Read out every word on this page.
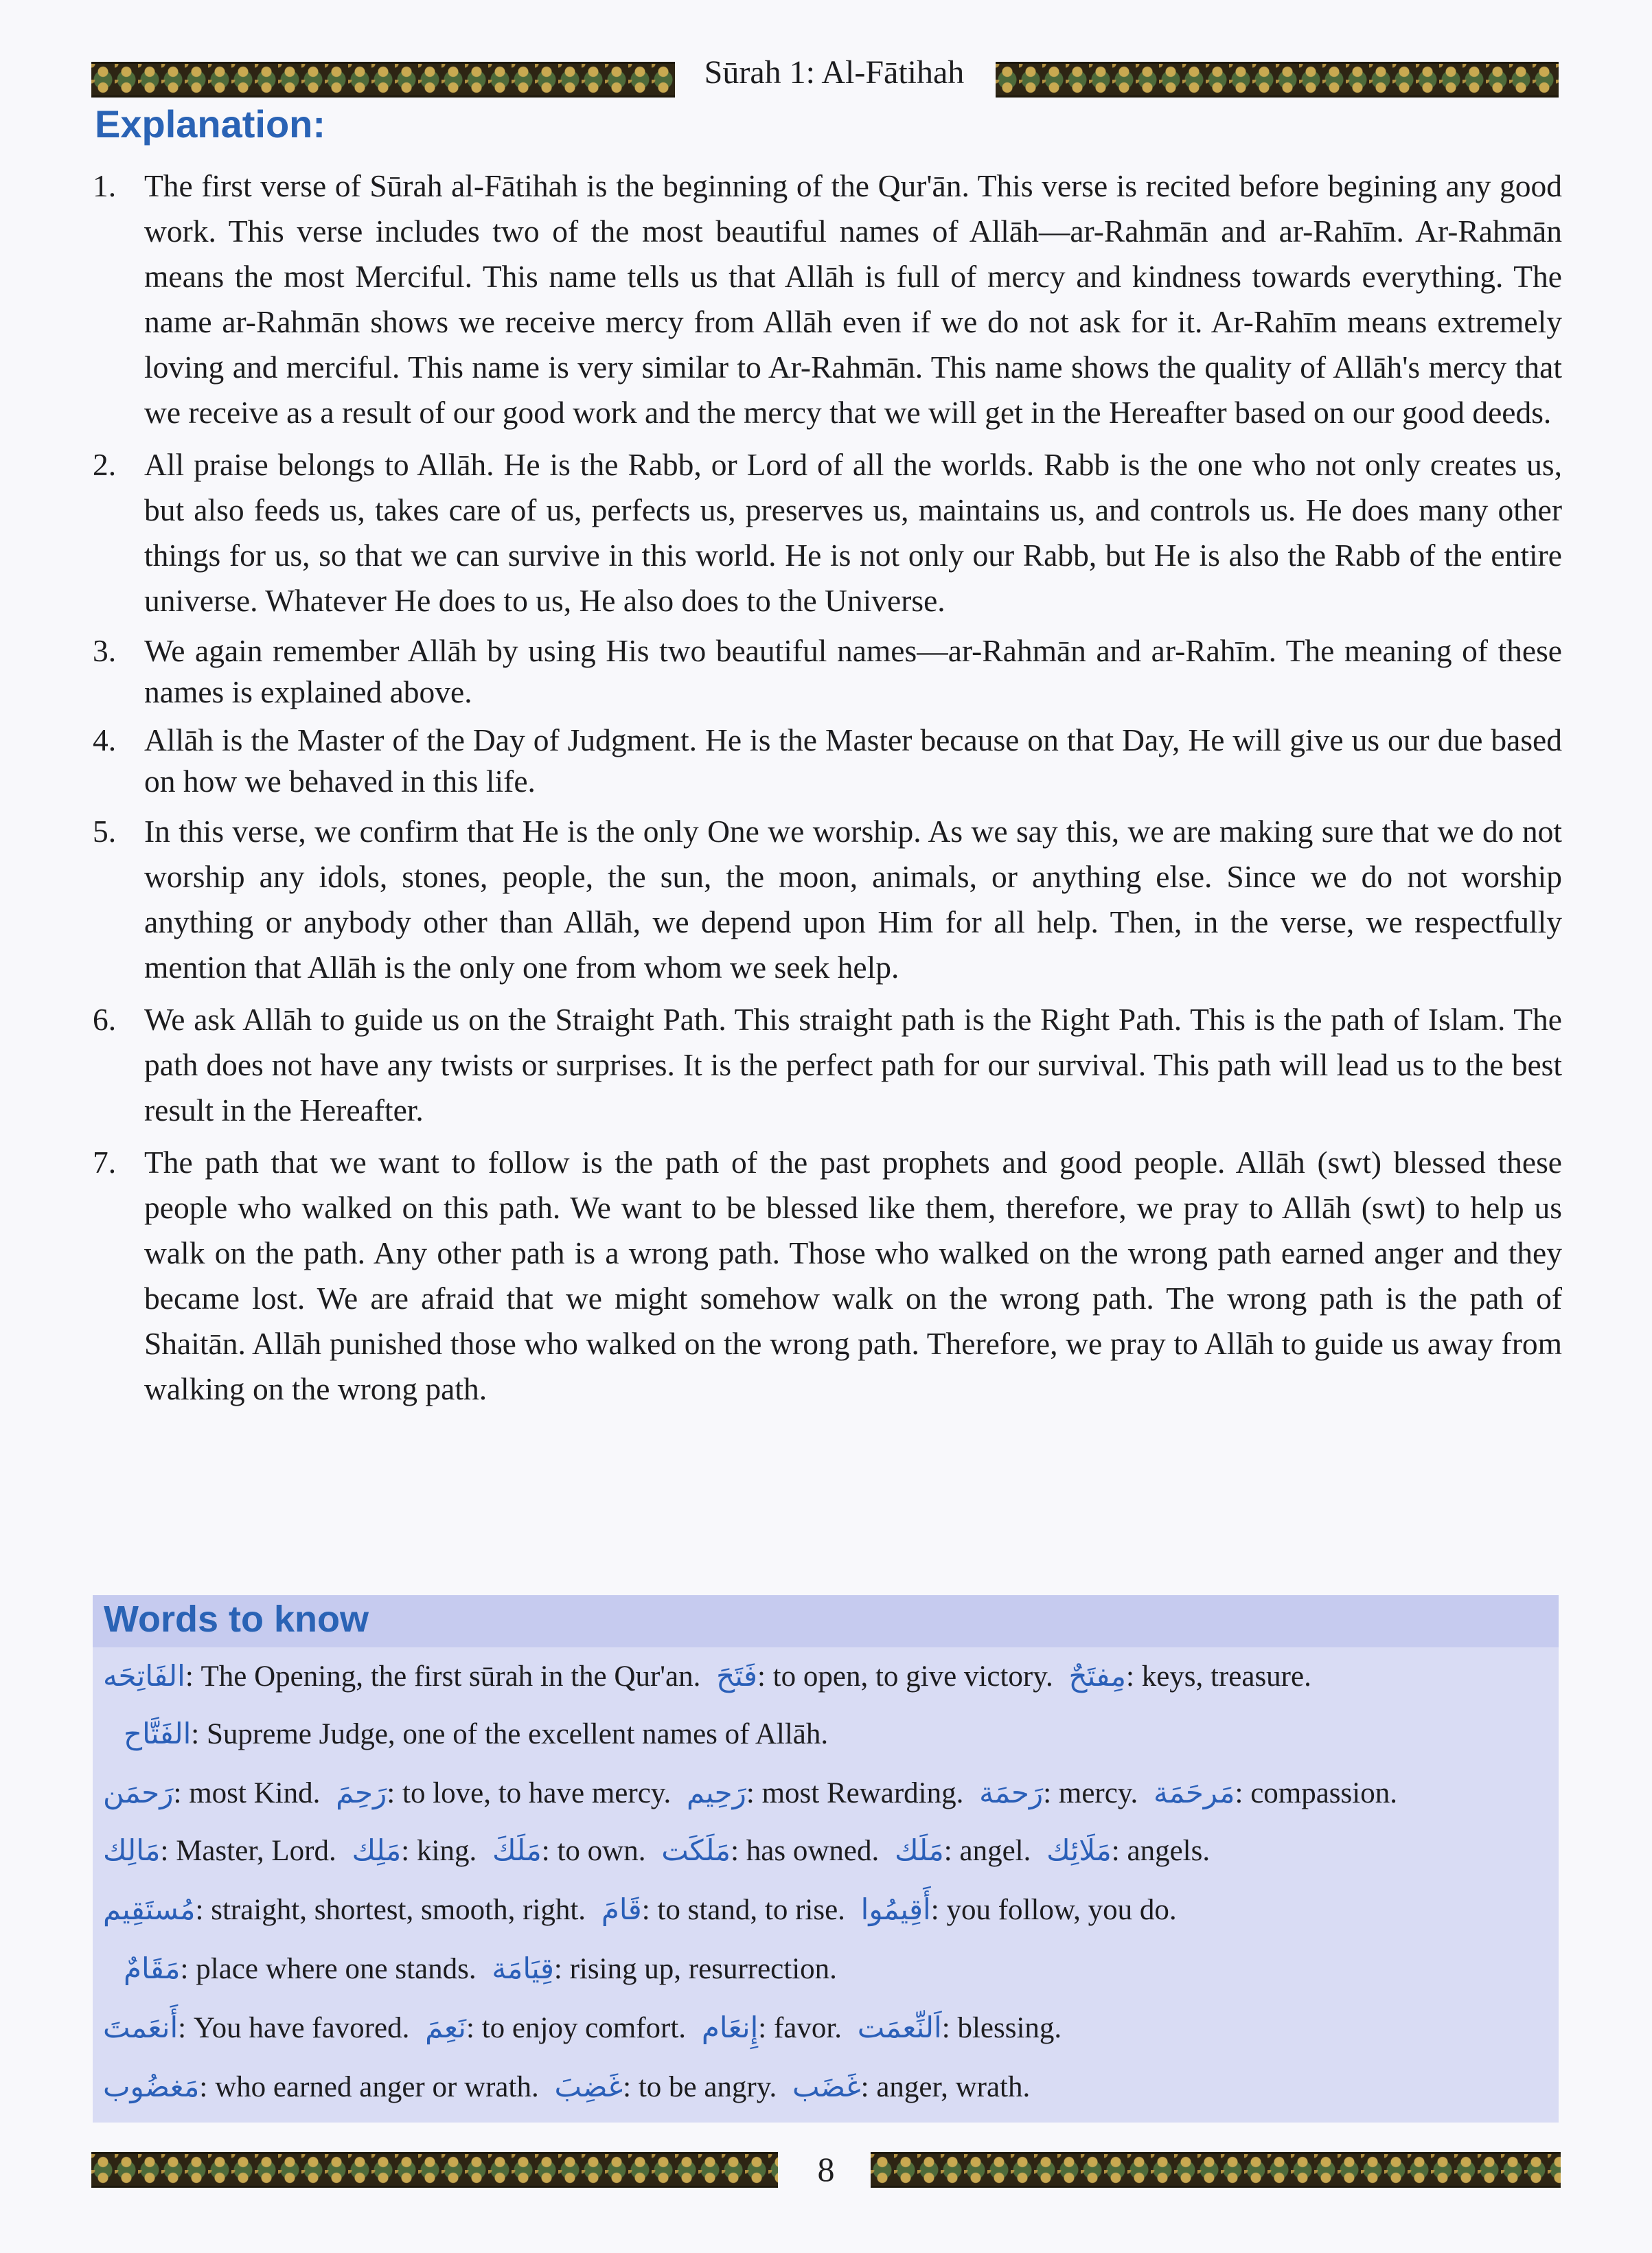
Sūrah 1: Al-Fātihah
Explanation:
1. The first verse of Sūrah al-Fātihah is the beginning of the Qur'ān. This verse is recited before begining any good work. This verse includes two of the most beautiful names of Allāh—ar-Rahmān and ar-Rahīm. Ar-Rahmān means the most Merciful. This name tells us that Allāh is full of mercy and kindness towards everything. The name ar-Rahmān shows we receive mercy from Allāh even if we do not ask for it. Ar-Rahīm means extremely loving and merciful. This name is very similar to Ar-Rahmān. This name shows the quality of Allāh's mercy that we receive as a result of our good work and the mercy that we will get in the Hereafter based on our good deeds.
2. All praise belongs to Allāh. He is the Rabb, or Lord of all the worlds. Rabb is the one who not only creates us, but also feeds us, takes care of us, perfects us, preserves us, maintains us, and controls us. He does many other things for us, so that we can survive in this world. He is not only our Rabb, but He is also the Rabb of the entire universe. Whatever He does to us, He also does to the Universe.
3. We again remember Allāh by using His two beautiful names—ar-Rahmān and ar-Rahīm. The meaning of these names is explained above.
4. Allāh is the Master of the Day of Judgment. He is the Master because on that Day, He will give us our due based on how we behaved in this life.
5. In this verse, we confirm that He is the only One we worship. As we say this, we are making sure that we do not worship any idols, stones, people, the sun, the moon, animals, or anything else. Since we do not worship anything or anybody other than Allāh, we depend upon Him for all help. Then, in the verse, we respectfully mention that Allāh is the only one from whom we seek help.
6. We ask Allāh to guide us on the Straight Path. This straight path is the Right Path. This is the path of Islam. The path does not have any twists or surprises. It is the perfect path for our survival. This path will lead us to the best result in the Hereafter.
7. The path that we want to follow is the path of the past prophets and good people. Allāh (swt) blessed these people who walked on this path. We want to be blessed like them, therefore, we pray to Allāh (swt) to help us walk on the path. Any other path is a wrong path. Those who walked on the wrong path earned anger and they became lost. We are afraid that we might somehow walk on the wrong path. The wrong path is the path of Shaitān. Allāh punished those who walked on the wrong path. Therefore, we pray to Allāh to guide us away from walking on the wrong path.
Words to know
الفَاتِحَه: The Opening, the first sūrah in the Qur'an. فَتَحَ: to open, to give victory. مِفتَحٌ: keys, treasure.
الفَتَّاح: Supreme Judge, one of the excellent names of Allāh.
رَحمَن: most Kind. رَحِمَ: to love, to have mercy. رَحِيم: most Rewarding. رَحمَة: mercy. مَرحَمَة: compassion.
مَالِك: Master, Lord. مَلِك: king. مَلَكَ: to own. مَلَكَت: has owned. مَلَك: angel. مَلَائِك: angels.
مُستَقِيم: straight, shortest, smooth, right. قَامَ: to stand, to rise. أَقِيمُوا: you follow, you do.
مَقَامٌ: place where one stands. قِيَامَة: rising up, resurrection.
أَنعَمتَ: You have favored. نَعِمَ: to enjoy comfort. إِنعَام: favor. اَلنِّعمَت: blessing.
مَغضُوب: who earned anger or wrath. غَضِبَ: to be angry. غَضَب: anger, wrath.
8
